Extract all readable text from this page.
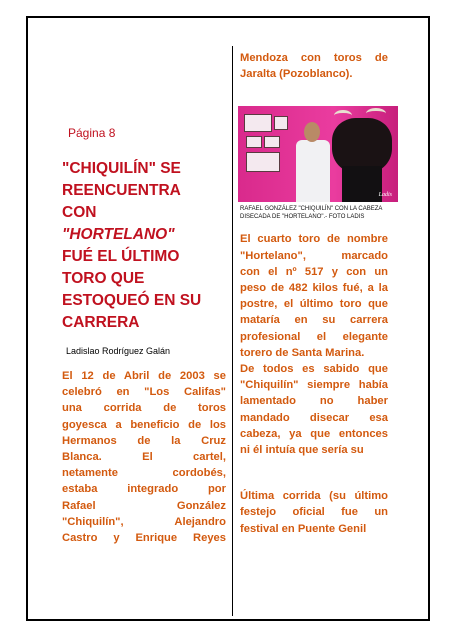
Página 8

"CHIQUILÍN" SE
REENCUENTRA
CON
"HORTELANO"
FUÉ EL ÚLTIMO
TORO QUE
ESTOQUEÓ EN SU
CARRERA

Ladislao Rodríguez Galán

El 12 de Abril de 2003 se
celebró en "Los Califas"
una corrida de toros
goyesca a beneficio de los
Hermanos de la Cruz
Blanca. El cartel,
netamente cordobés,
estaba integrado por
Rafael González
"Chiquilín", Alejandro
Castro y Enrique Reyes

Mendoza con toros de
Jaralta (Pozoblanco).

Ladis
RAFAEL GONZÁLEZ "CHIQUILÍN" CON LA CABEZA DISECADA DE "HORTELANO".- FOTO LADIS

El cuarto toro de nombre
"Hortelano", marcado
con el nº 517 y con un
peso de 482 kilos fué, a la
postre, el último toro que
mataría en su carrera
profesional el elegante
torero de Santa Marina.
De todos es sabido que
"Chiquilín" siempre había
lamentado no haber
mandado disecar esa
cabeza, ya que entonces
ni él intuía que sería su

Última corrida (su último
festejo oficial fue un
festival en Puente Genil
